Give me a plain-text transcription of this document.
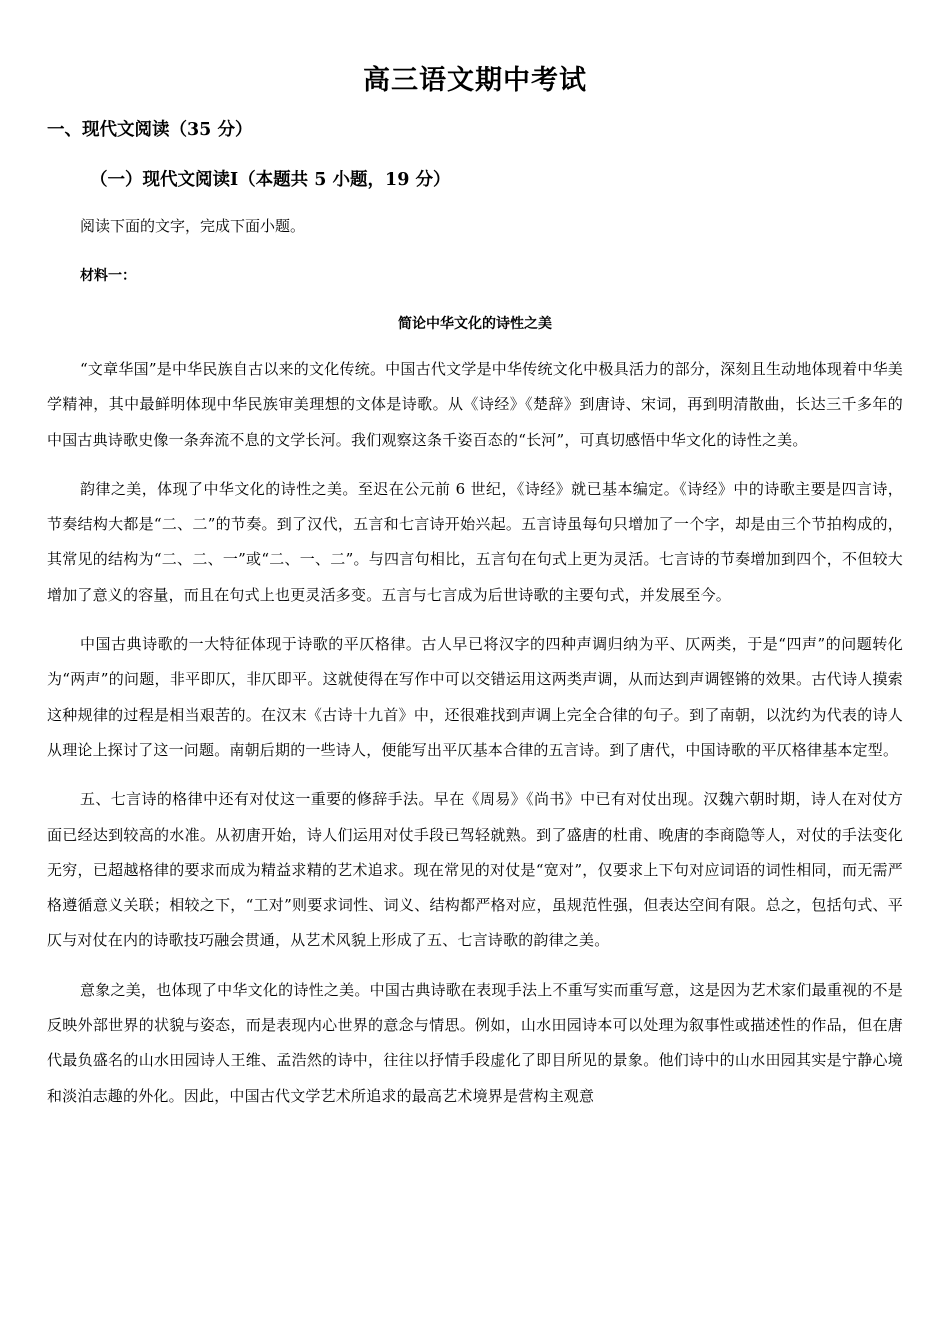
高三语文期中考试
一、现代文阅读（35 分）
（一）现代文阅读Ⅰ（本题共 5 小题，19 分）
阅读下面的文字，完成下面小题。
材料一：
简论中华文化的诗性之美

“文章华国”是中华民族自古以来的文化传统。中国古代文学是中华传统文化中极具活力的部分，深刻且生动地体现着中华美学精神，其中最鲜明体现中华民族审美理想的文体是诗歌。从《诗经》《楚辞》到唐诗、宋词，再到明清散曲，长达三千多年的中国古典诗歌史像一条奔流不息的文学长河。我们观察这条千姿百态的“长河”，可真切感悟中华文化的诗性之美。

韵律之美，体现了中华文化的诗性之美。至迟在公元前 6 世纪，《诗经》就已基本编定。《诗经》中的诗歌主要是四言诗，节奏结构大都是“二、二”的节奏。到了汉代，五言和七言诗开始兴起。五言诗虽每句只增加了一个字，却是由三个节拍构成的，其常见的结构为“二、二、一”或“二、一、二”。与四言句相比，五言句在句式上更为灵活。七言诗的节奏增加到四个，不但较大增加了意义的容量，而且在句式上也更灵活多变。五言与七言成为后世诗歌的主要句式，并发展至今。

中国古典诗歌的一大特征体现于诗歌的平仄格律。古人早已将汉字的四种声调归纳为平、仄两类，于是“四声”的问题转化为“两声”的问题，非平即仄，非仄即平。这就使得在写作中可以交错运用这两类声调，从而达到声调铿锵的效果。古代诗人摸索这种规律的过程是相当艰苦的。在汉末《古诗十九首》中，还很难找到声调上完全合律的句子。到了南朝，以沈约为代表的诗人从理论上探讨了这一问题。南朝后期的一些诗人，便能写出平仄基本合律的五言诗。到了唐代，中国诗歌的平仄格律基本定型。

五、七言诗的格律中还有对仗这一重要的修辞手法。早在《周易》《尚书》中已有对仗出现。汉魏六朝时期，诗人在对仗方面已经达到较高的水准。从初唐开始，诗人们运用对仗手段已驾轻就熟。到了盛唐的杜甫、晚唐的李商隐等人，对仗的手法变化无穷，已超越格律的要求而成为精益求精的艺术追求。现在常见的对仗是“宽对”，仅要求上下句对应词语的词性相同，而无需严格遵循意义关联；相较之下，“工对”则要求词性、词义、结构都严格对应，虽规范性强，但表达空间有限。总之，包括句式、平仄与对仗在内的诗歌技巧融会贯通，从艺术风貌上形成了五、七言诗歌的韵律之美。

意象之美，也体现了中华文化的诗性之美。中国古典诗歌在表现手法上不重写实而重写意，这是因为艺术家们最重视的不是反映外部世界的状貌与姿态，而是表现内心世界的意念与情思。例如，山水田园诗本可以处理为叙事性或描述性的作品，但在唐代最负盛名的山水田园诗人王维、孟浩然的诗中，往往以抒情手段虚化了即目所见的景象。他们诗中的山水田园其实是宁静心境和淡泊志趣的外化。因此，中国古代文学艺术所追求的最高艺术境界是营构主观意
